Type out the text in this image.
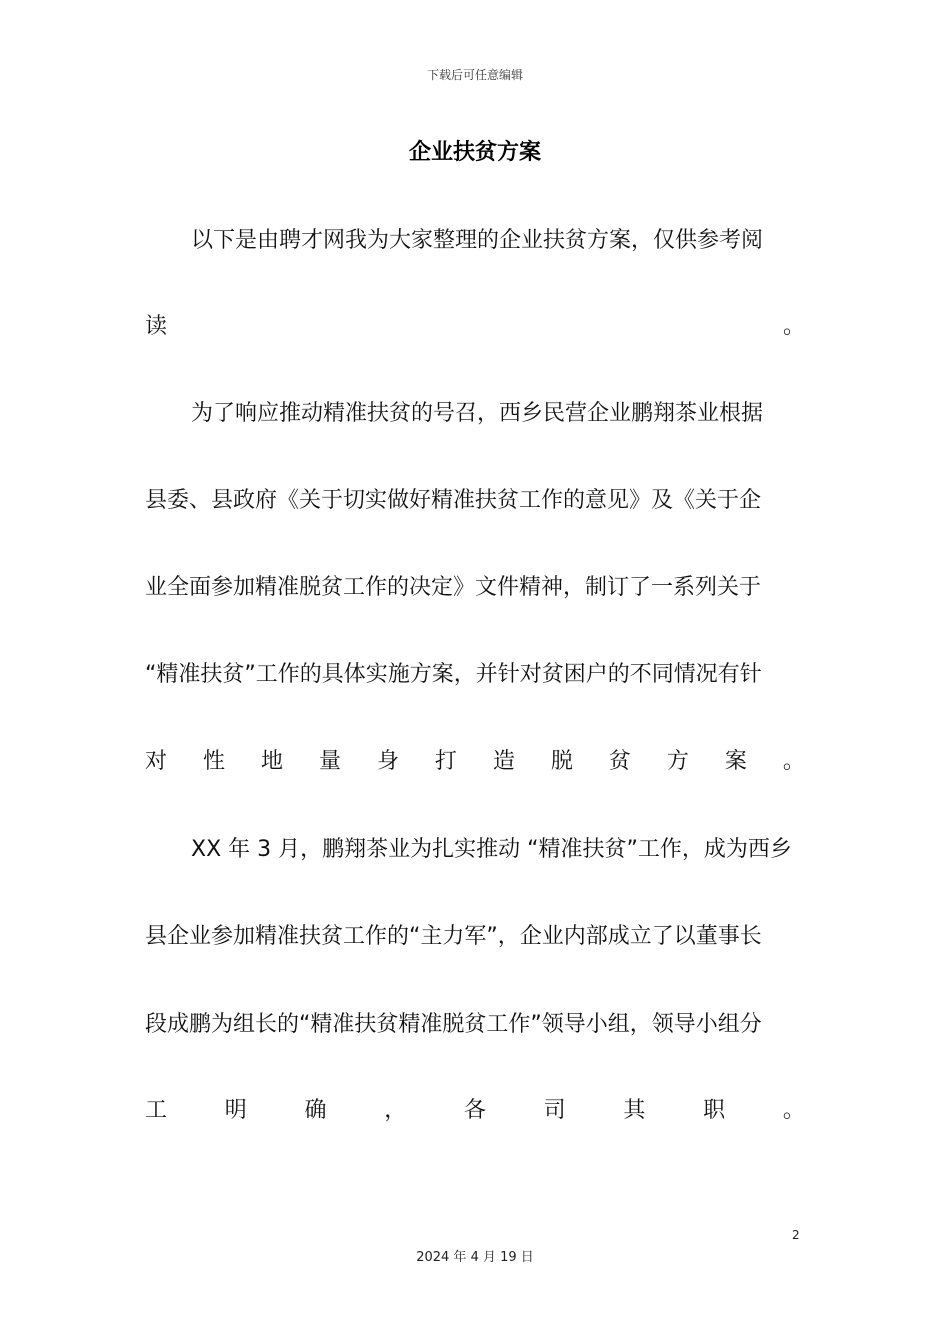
下载后可任意编辑
企业扶贫方案
以下是由聘才网我为大家整理的企业扶贫方案，仅供参考阅
读	。
为了响应推动精准扶贫的号召，西乡民营企业鹏翔茶业根据
县委、县政府《关于切实做好精准扶贫工作的意见》及《关于企
业全面参加精准脱贫工作的决定》文件精神，制订了一系列关于
“精准扶贫”工作的具体实施方案，并针对贫困户的不同情况有针
对 性 地 量 身 打 造 脱 贫 方 案 。
XX 年 3 月，鹏翔茶业为扎实推动 “精准扶贫”工作，成为西乡
县企业参加精准扶贫工作的“主力军”，企业内部成立了以董事长
段成鹏为组长的“精准扶贫精准脱贫工作”领导小组，领导小组分
工	明	确	，	各	司	其	职	。
2
2024 年 4 月 19 日
